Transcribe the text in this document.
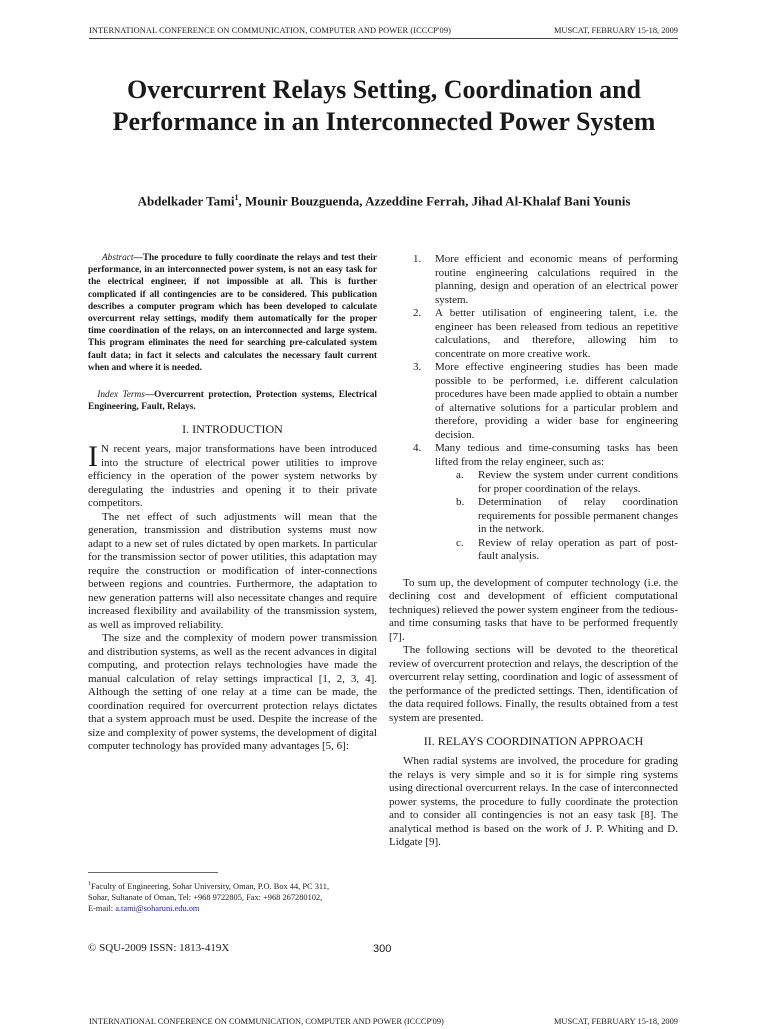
INTERNATIONAL CONFERENCE ON COMMUNICATION, COMPUTER AND POWER (ICCCP'09)	MUSCAT, FEBRUARY 15-18, 2009
Overcurrent Relays Setting, Coordination and Performance in an Interconnected Power System
Abdelkader Tami$^1$, Mounir Bouzguenda, Azzeddine Ferrah, Jihad Al-Khalaf Bani Younis

Abstract—The procedure to fully coordinate the relays and test their performance, in an interconnected power system, is not an easy task for the electrical engineer, if not impossible at all. This is further complicated if all contingencies are to be considered. This publication describes a computer program which has been developed to calculate overcurrent relay settings, modify them automatically for the proper time coordination of the relays, on an interconnected and large system. This program eliminates the need for searching pre-calculated system fault data; in fact it selects and calculates the necessary fault current when and where it is needed.

 Index Terms—Overcurrent protection, Protection systems, Electrical Engineering, Fault, Relays.

I. INTRODUCTION

I N recent years, major transformations have been introduced into the structure of electrical power utilities to improve efficiency in the operation of the power system networks by deregulating the industries and opening it to their private competitors.

The net effect of such adjustments will mean that the generation, transmission and distribution systems must now adapt to a new set of rules dictated by open markets. In particular for the transmission sector of power utilities, this adaptation may require the construction or modification of inter-connections between regions and countries. Furthermore, the adaptation to new generation patterns will also necessitate changes and require increased flexibility and availability of the transmission system, as well as improved reliability.

The size and the complexity of modern power transmission and distribution systems, as well as the recent advances in digital computing, and protection relays technologies have made the manual calculation of relay settings impractical [1, 2, 3, 4]. Although the setting of one relay at a time can be made, the coordination required for overcurrent protection relays dictates that a system approach must be used. Despite the increase of the size and complexity of power systems, the development of digital computer technology has provided many advantages [5, 6]:

1. More efficient and economic means of performing routine engineering calculations required in the planning, design and operation of an electrical power system.
2. A better utilisation of engineering talent, i.e. the engineer has been released from tedious an repetitive calculations, and therefore, allowing him to concentrate on more creative work.
3. More effective engineering studies has been made possible to be performed, i.e. different calculation procedures have been made applied to obtain a number of alternative solutions for a particular problem and therefore, providing a wider base for engineering decision.
4. Many tedious and time-consuming tasks has been lifted from the relay engineer, such as:
a. Review the system under current conditions for proper coordination of the relays.
b. Determination of relay coordination requirements for possible permanent changes in the network.
c. Review of relay operation as part of post-fault analysis.

To sum up, the development of computer technology (i.e. the declining cost and development of efficient computational techniques) relieved the power system engineer from the tedious- and time consuming tasks that have to be performed frequently [7].

The following sections will be devoted to the theoretical review of overcurrent protection and relays, the description of the overcurrent relay setting, coordination and logic of assessment of the performance of the predicted settings. Then, identification of the data required follows. Finally, the results obtained from a test system are presented.

II. RELAYS COORDINATION APPROACH

When radial systems are involved, the procedure for grading the relays is very simple and so it is for simple ring systems using directional overcurrent relays. In the case of interconnected power systems, the procedure to fully coordinate the protection and to consider all contingencies is not an easy task [8]. The analytical method is based on the work of J. P. Whiting and D. Lidgate [9].

$^1$Faculty of Engineering, Sohar University, Oman, P.O. Box 44, PC 311,
Sohar, Sultanate of Oman, Tel: +968 9722805, Fax: +968 267280102,
E-mail: a.tami@soharuni.edu.om
© SQU-2009 ISSN: 1813-419X	300
INTERNATIONAL CONFERENCE ON COMMUNICATION, COMPUTER AND POWER (ICCCP'09)	MUSCAT, FEBRUARY 15-18, 2009
